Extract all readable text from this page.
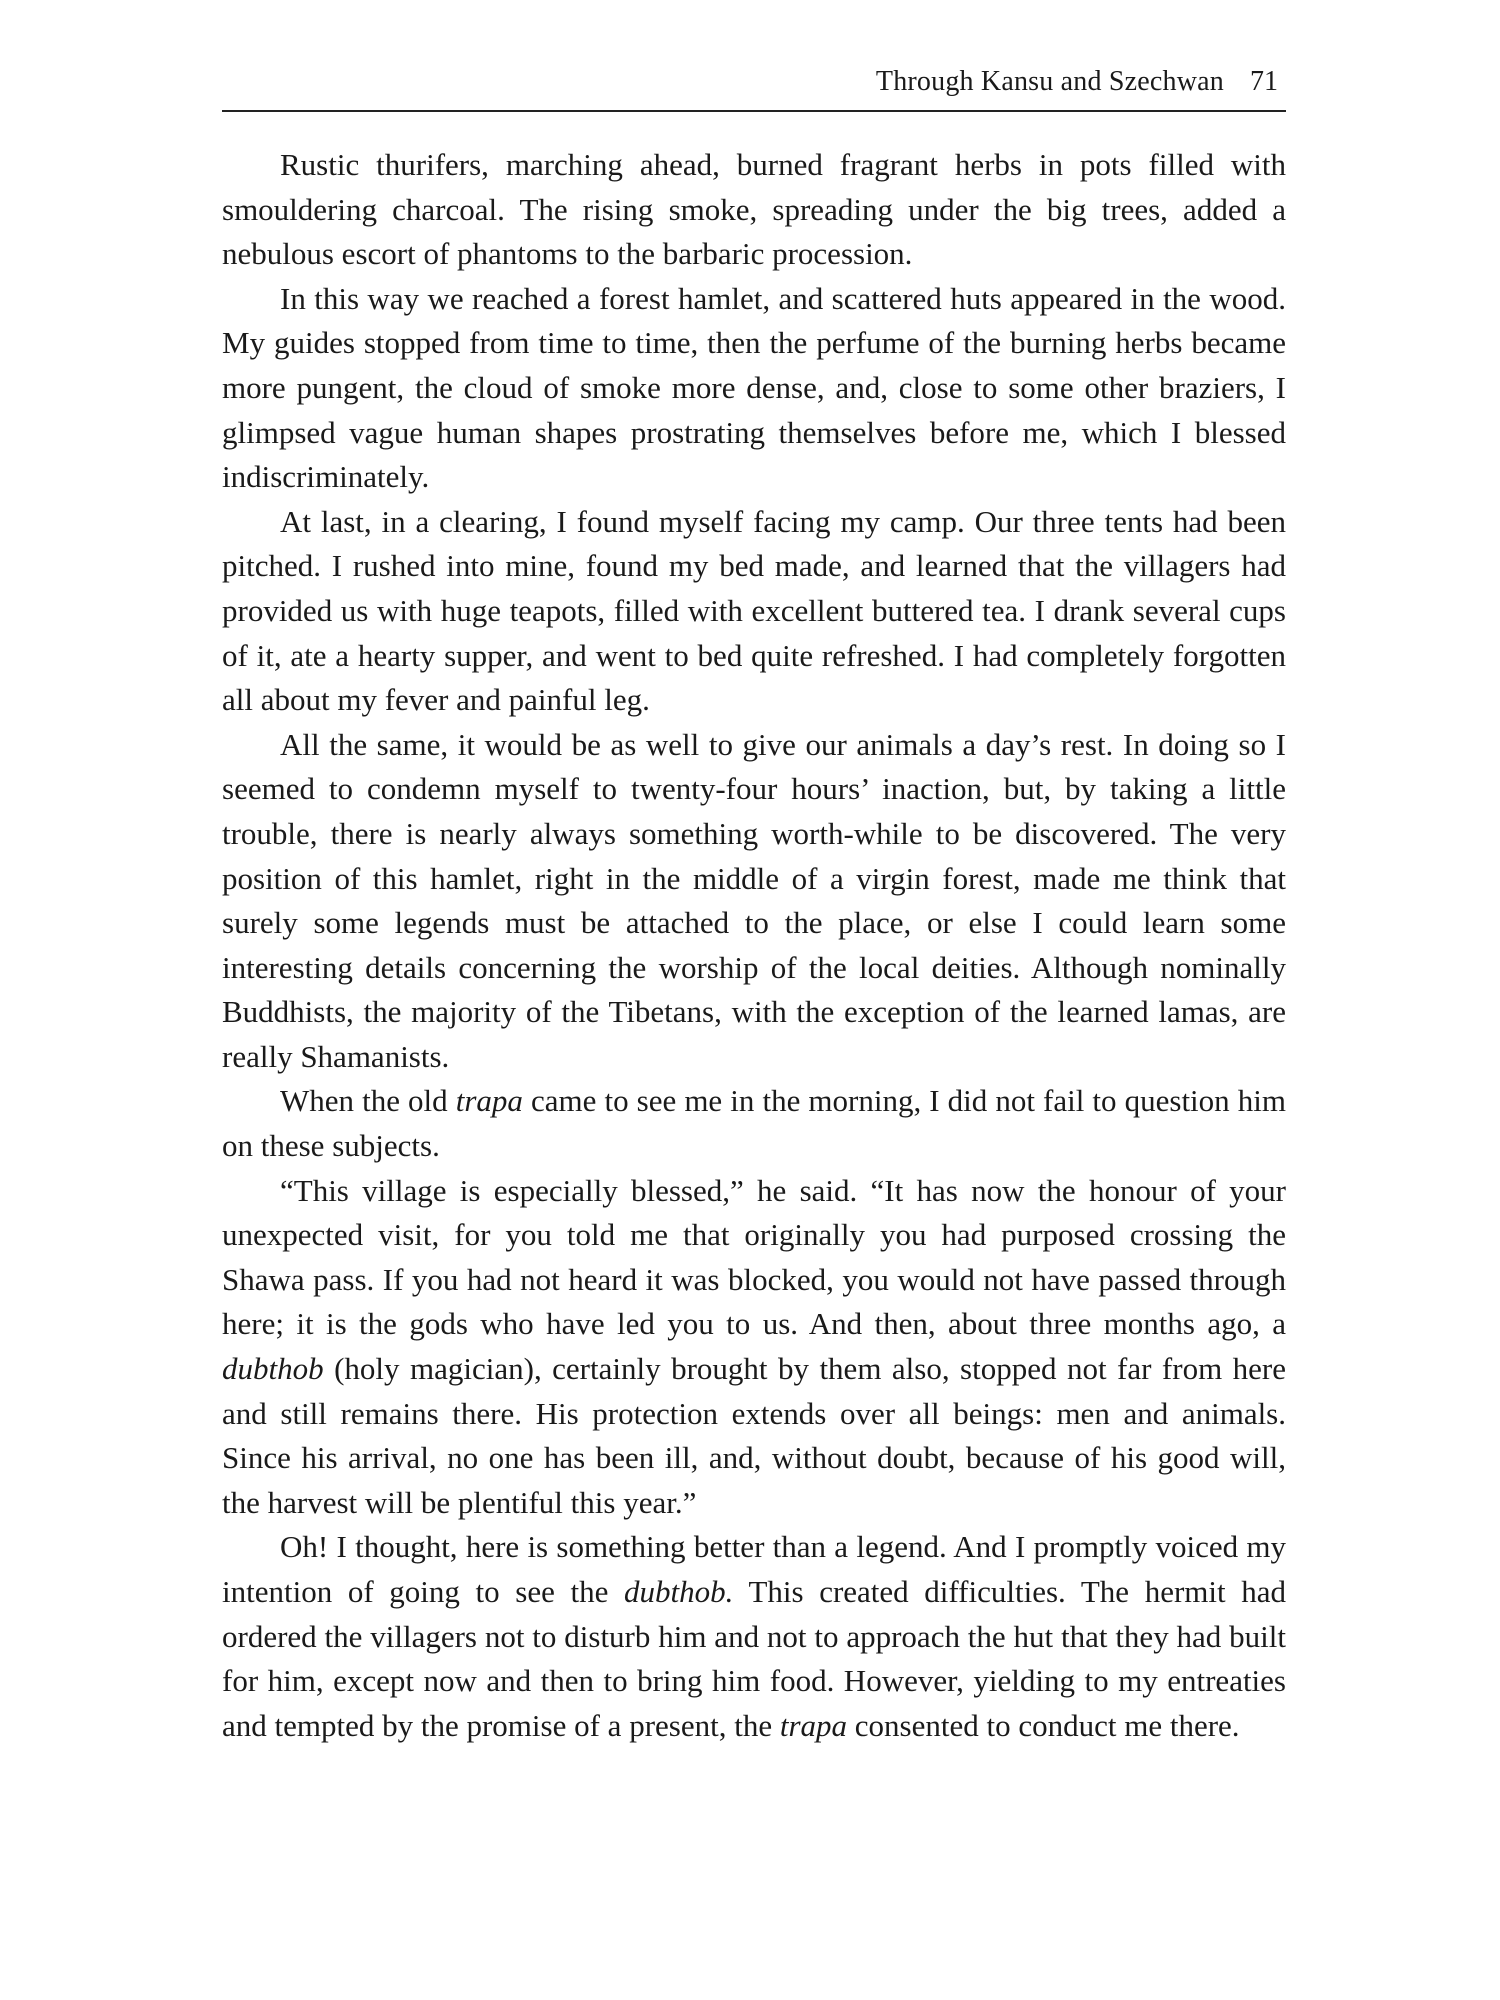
Through Kansu and Szechwan 71

Rustic thurifers, marching ahead, burned fragrant herbs in pots filled with smouldering charcoal. The rising smoke, spreading under the big trees, added a nebulous escort of phantoms to the barbaric procession.

In this way we reached a forest hamlet, and scattered huts appeared in the wood. My guides stopped from time to time, then the perfume of the burning herbs became more pungent, the cloud of smoke more dense, and, close to some other braziers, I glimpsed vague human shapes prostrating themselves before me, which I blessed indiscriminately.

At last, in a clearing, I found myself facing my camp. Our three tents had been pitched. I rushed into mine, found my bed made, and learned that the villagers had provided us with huge teapots, filled with excellent buttered tea. I drank several cups of it, ate a hearty supper, and went to bed quite refreshed. I had completely forgotten all about my fever and painful leg.

All the same, it would be as well to give our animals a day’s rest. In doing so I seemed to condemn myself to twenty-four hours’ inaction, but, by taking a little trouble, there is nearly always something worth-while to be discovered. The very position of this hamlet, right in the middle of a virgin forest, made me think that surely some legends must be attached to the place, or else I could learn some interesting details concerning the worship of the local deities. Although nominally Buddhists, the majority of the Tibetans, with the exception of the learned lamas, are really Shamanists.

When the old trapa came to see me in the morning, I did not fail to question him on these subjects.

“This village is especially blessed,” he said. “It has now the honour of your unexpected visit, for you told me that originally you had purposed crossing the Shawa pass. If you had not heard it was blocked, you would not have passed through here; it is the gods who have led you to us. And then, about three months ago, a dubthob (holy magician), certainly brought by them also, stopped not far from here and still remains there. His protection extends over all beings: men and animals. Since his arrival, no one has been ill, and, without doubt, because of his good will, the harvest will be plentiful this year.”

Oh! I thought, here is something better than a legend. And I promptly voiced my intention of going to see the dubthob. This created difficulties. The hermit had ordered the villagers not to disturb him and not to approach the hut that they had built for him, except now and then to bring him food. However, yielding to my entreaties and tempted by the promise of a present, the trapa consented to conduct me there.
